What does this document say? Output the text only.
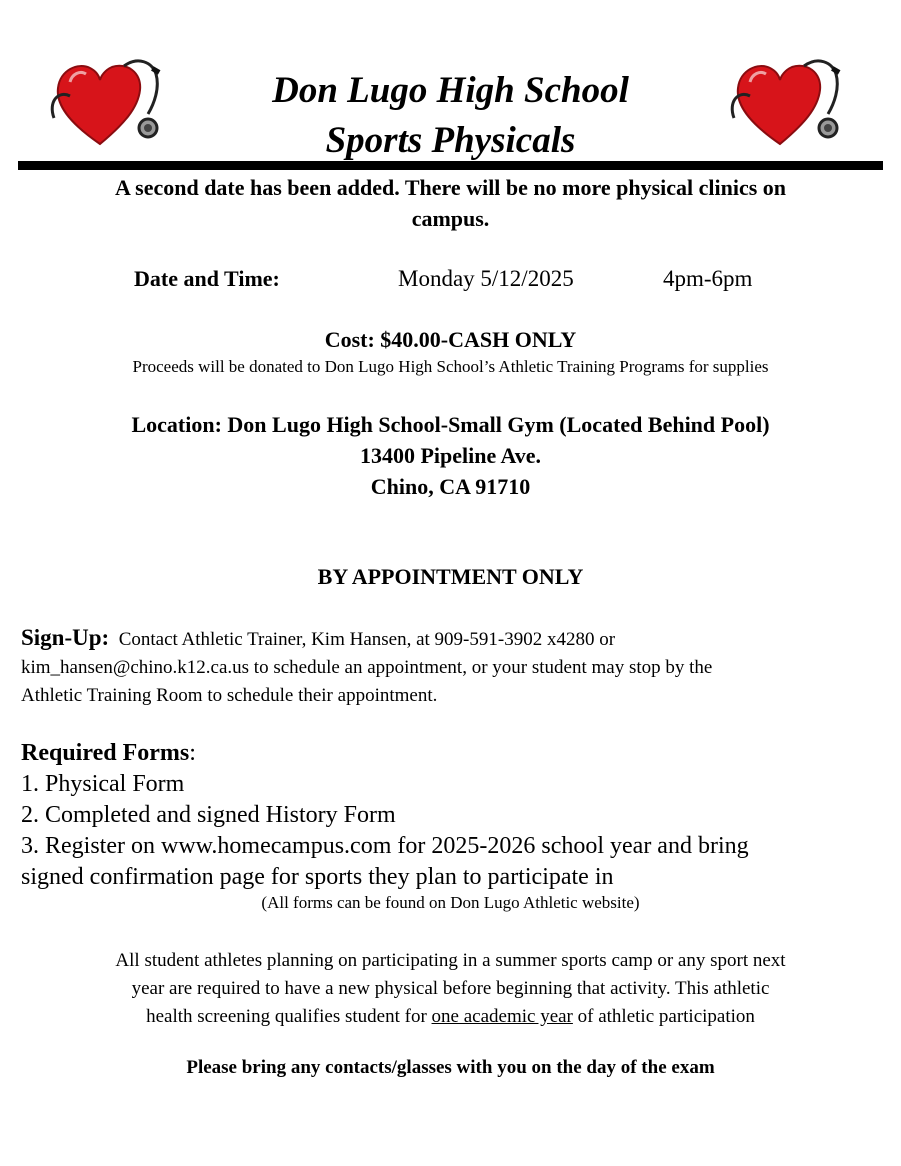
Don Lugo High School
Sports Physicals
A second date has been added. There will be no more physical clinics on
campus.
Date and Time:	Monday 5/12/2025	4pm-6pm
Cost: $40.00-CASH ONLY
Proceeds will be donated to Don Lugo High School’s Athletic Training Programs for supplies
Location: Don Lugo High School-Small Gym (Located Behind Pool)
13400 Pipeline Ave.
Chino, CA 91710
BY APPOINTMENT ONLY
Sign-Up: Contact Athletic Trainer, Kim Hansen, at 909-591-3902 x4280 or
kim_hansen@chino.k12.ca.us to schedule an appointment, or your student may stop by the
Athletic Training Room to schedule their appointment.
Required Forms:
1. Physical Form
2. Completed and signed History Form
3. Register on www.homecampus.com for 2025-2026 school year and bring
signed confirmation page for sports they plan to participate in
(All forms can be found on Don Lugo Athletic website)
All student athletes planning on participating in a summer sports camp or any sport next
year are required to have a new physical before beginning that activity. This athletic
health screening qualifies student for one academic year of athletic participation
Please bring any contacts/glasses with you on the day of the exam
